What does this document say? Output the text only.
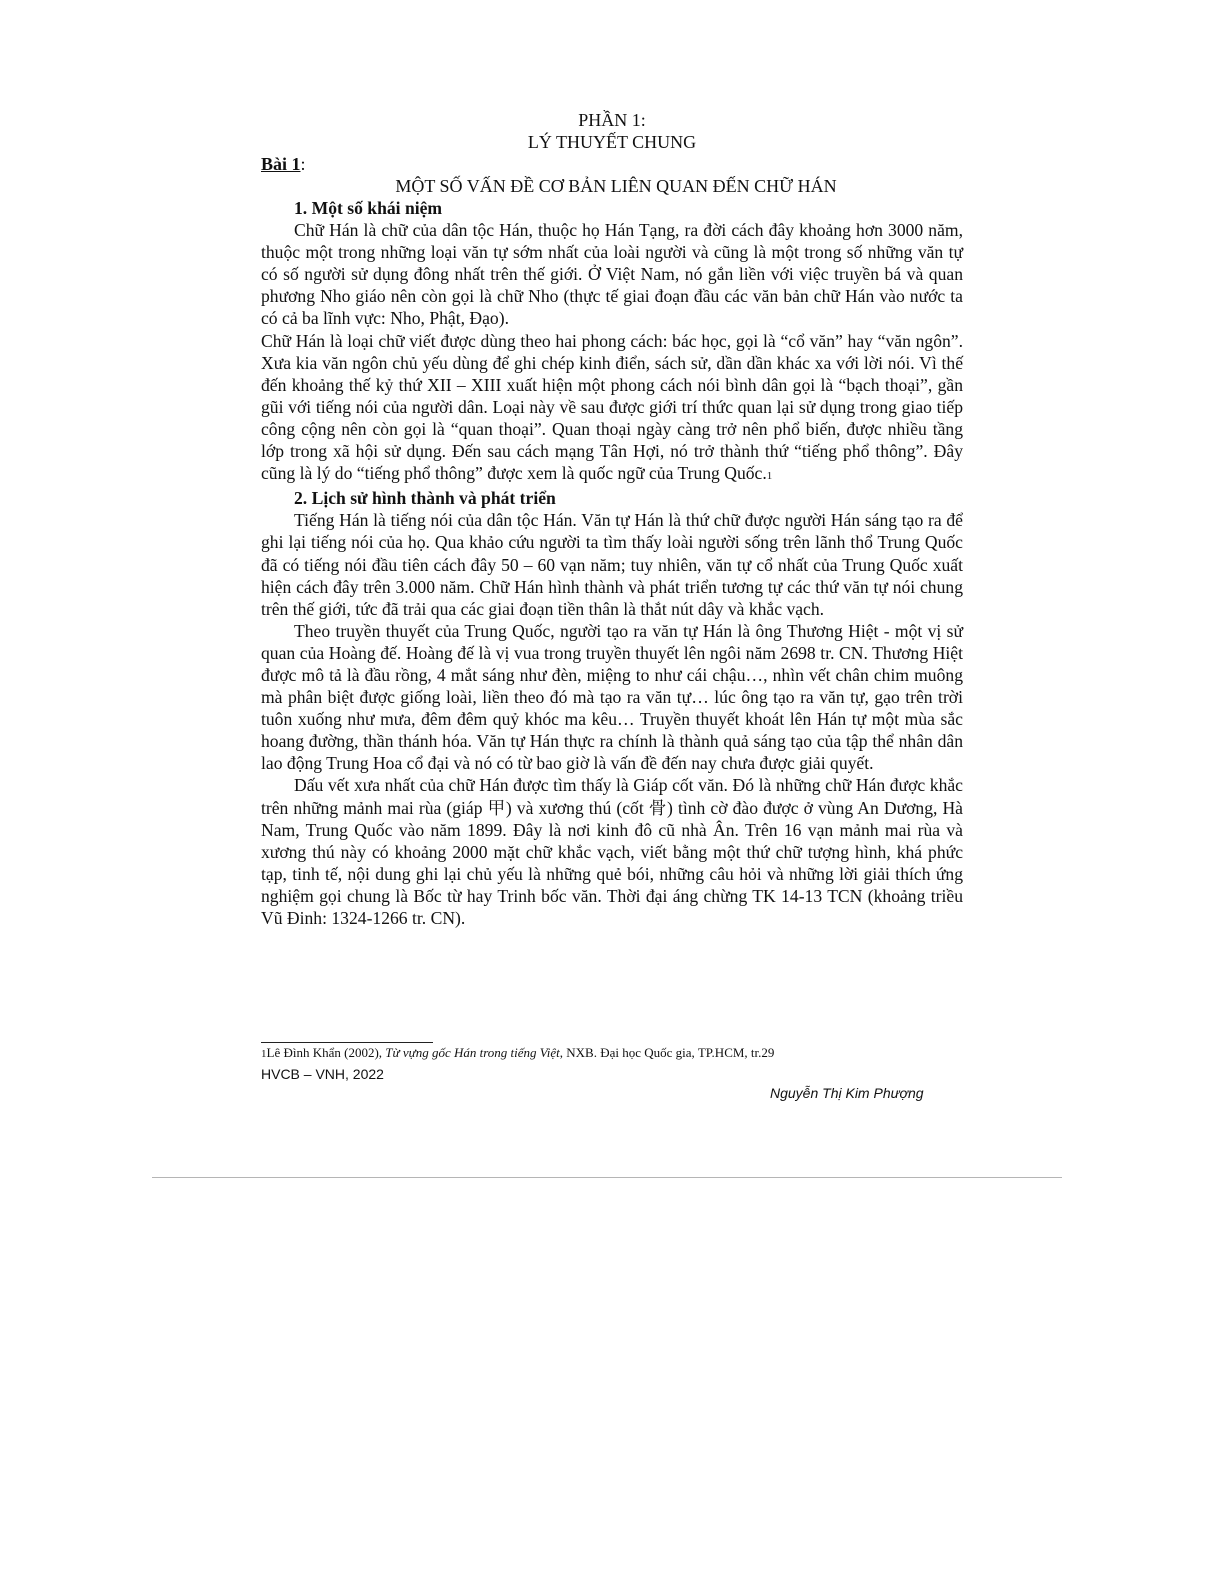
PHẦN 1:
LÝ THUYẾT CHUNG
Bài 1:
MỘT SỐ VẤN ĐỀ CƠ BẢN LIÊN QUAN ĐẾN CHỮ HÁN

1. Một số khái niệm

Chữ Hán là chữ của dân tộc Hán, thuộc họ Hán Tạng, ra đời cách đây khoảng hơn 3000 năm, thuộc một trong những loại văn tự sớm nhất của loài người và cũng là một trong số những văn tự có số người sử dụng đông nhất trên thế giới. Ở Việt Nam, nó gắn liền với việc truyền bá và quan phương Nho giáo nên còn gọi là chữ Nho (thực tế giai đoạn đầu các văn bản chữ Hán vào nước ta có cả ba lĩnh vực: Nho, Phật, Đạo).

Chữ Hán là loại chữ viết được dùng theo hai phong cách: bác học, gọi là “cổ văn” hay “văn ngôn”. Xưa kia văn ngôn chủ yếu dùng để ghi chép kinh điển, sách sử, dần dần khác xa với lời nói. Vì thế đến khoảng thế kỷ thứ XII – XIII xuất hiện một phong cách nói bình dân gọi là “bạch thoại”, gần gũi với tiếng nói của người dân. Loại này về sau được giới trí thức quan lại sử dụng trong giao tiếp công cộng nên còn gọi là “quan thoại”. Quan thoại ngày càng trở nên phổ biến, được nhiều tầng lớp trong xã hội sử dụng. Đến sau cách mạng Tân Hợi, nó trở thành thứ “tiếng phổ thông”. Đây cũng là lý do “tiếng phổ thông” được xem là quốc ngữ của Trung Quốc.1

2. Lịch sử hình thành và phát triển

Tiếng Hán là tiếng nói của dân tộc Hán. Văn tự Hán là thứ chữ được người Hán sáng tạo ra để ghi lại tiếng nói của họ. Qua khảo cứu người ta tìm thấy loài người sống trên lãnh thổ Trung Quốc đã có tiếng nói đầu tiên cách đây 50 – 60 vạn năm; tuy nhiên, văn tự cổ nhất của Trung Quốc xuất hiện cách đây trên 3.000 năm. Chữ Hán hình thành và phát triển tương tự các thứ văn tự nói chung trên thế giới, tức đã trải qua các giai đoạn tiền thân là thắt nút dây và khắc vạch.

Theo truyền thuyết của Trung Quốc, người tạo ra văn tự Hán là ông Thương Hiệt - một vị sử quan của Hoàng đế. Hoàng đế là vị vua trong truyền thuyết lên ngôi năm 2698 tr. CN. Thương Hiệt được mô tả là đầu rồng, 4 mắt sáng như đèn, miệng to như cái chậu…, nhìn vết chân chim muông mà phân biệt được giống loài, liền theo đó mà tạo ra văn tự… lúc ông tạo ra văn tự, gạo trên trời tuôn xuống như mưa, đêm đêm quỷ khóc ma kêu… Truyền thuyết khoát lên Hán tự một mùa sắc hoang đường, thần thánh hóa. Văn tự Hán thực ra chính là thành quả sáng tạo của tập thể nhân dân lao động Trung Hoa cổ đại và nó có từ bao giờ là vấn đề đến nay chưa được giải quyết.

Dấu vết xưa nhất của chữ Hán được tìm thấy là Giáp cốt văn. Đó là những chữ Hán được khắc trên những mảnh mai rùa (giáp 甲) và xương thú (cốt 骨) tình cờ đào được ở vùng An Dương, Hà Nam, Trung Quốc vào năm 1899. Đây là nơi kinh đô cũ nhà Ân. Trên 16 vạn mảnh mai rùa và xương thú này có khoảng 2000 mặt chữ khắc vạch, viết bằng một thứ chữ tượng hình, khá phức tạp, tinh tế, nội dung ghi lại chủ yếu là những quẻ bói, những câu hỏi và những lời giải thích ứng nghiệm gọi chung là Bốc từ hay Trinh bốc văn. Thời đại áng chừng TK 14-13 TCN (khoảng triều Vũ Đinh: 1324-1266 tr. CN).

1Lê Đình Khẩn (2002), Từ vựng gốc Hán trong tiếng Việt, NXB. Đại học Quốc gia, TP.HCM, tr.29
HVCB – VNH, 2022
Nguyễn Thị Kim Phượng
